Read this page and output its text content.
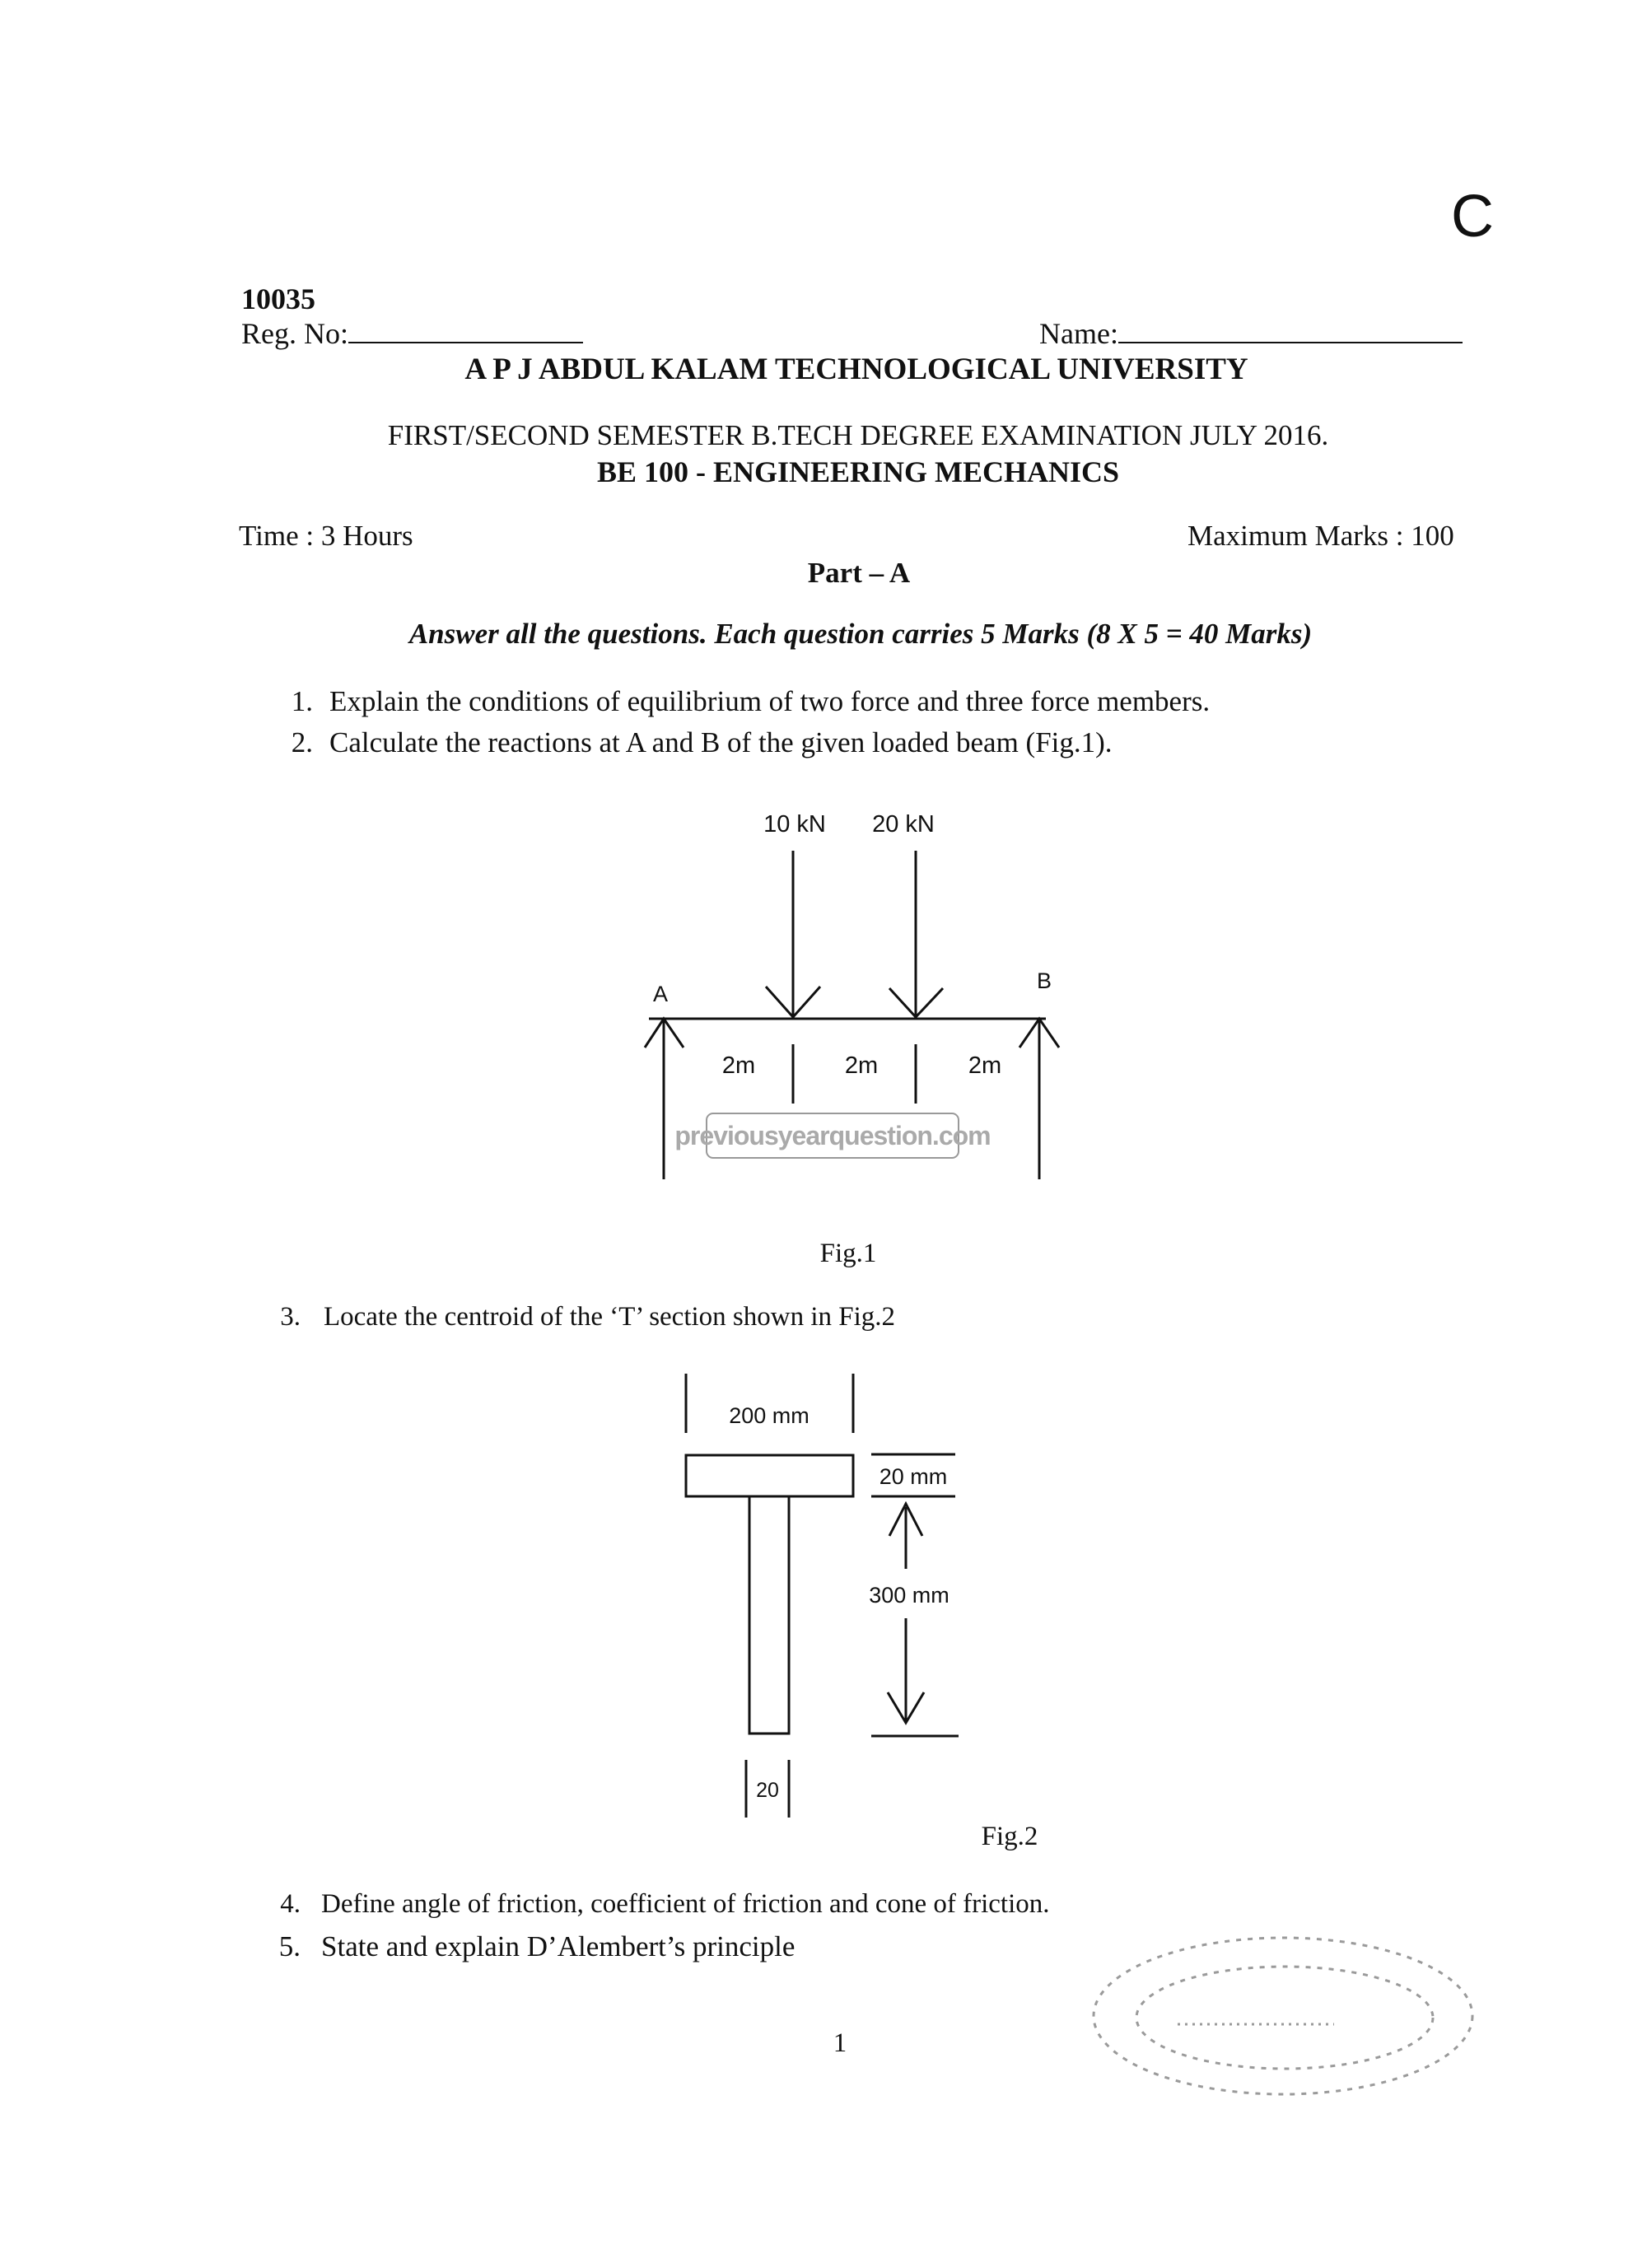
C
10035
Reg. No:	Name:
A P J ABDUL KALAM TECHNOLOGICAL UNIVERSITY
FIRST/SECOND SEMESTER B.TECH DEGREE EXAMINATION JULY 2016.
BE 100 - ENGINEERING MECHANICS
Time : 3 Hours	Maximum Marks : 100
Part – A
Answer all the questions. Each question carries 5 Marks (8 X 5 = 40 Marks)
1. Explain the conditions of equilibrium of two force and three force members.
2. Calculate the reactions at A and B of the given loaded beam (Fig.1).
10 kN 20 kN
A
B
2m	2m	2m
previousyearquestion.com
Fig.1
3. Locate the centroid of the ‘T’ section shown in Fig.2
200 mm
20 mm
300 mm
20
Fig.2
4. Define angle of friction, coefficient of friction and cone of friction.
5. State and explain D’Alembert’s principle
1
